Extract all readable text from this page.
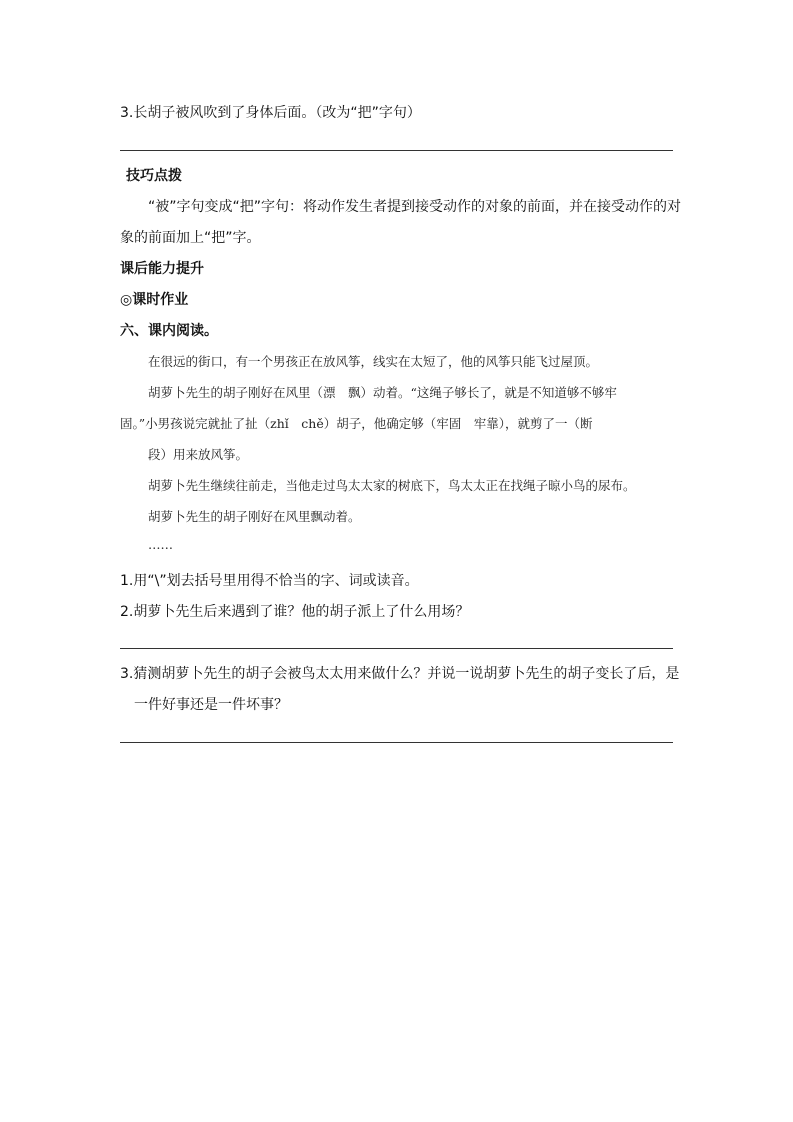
3.长胡子被风吹到了身体后面。（改为“把”字句）
技巧点拨
“被”字句变成“把”字句：将动作发生者提到接受动作的对象的前面，并在接受动作的对
象的前面加上“把”字。
课后能力提升
◎课时作业
六、课内阅读。
在很远的街口，有一个男孩正在放风筝，线实在太短了，他的风筝只能飞过屋顶。
胡萝卜先生的胡子刚好在风里（漂　飘）动着。“这绳子够长了，就是不知道够不够牢
固。”小男孩说完就扯了扯（zhǐ　chě）胡子，他确定够（牢固　牢靠），就剪了一（断
段）用来放风筝。
胡萝卜先生继续往前走，当他走过鸟太太家的树底下，鸟太太正在找绳子晾小鸟的尿布。
胡萝卜先生的胡子刚好在风里飘动着。
……
1.用“\”划去括号里用得不恰当的字、词或读音。
2.胡萝卜先生后来遇到了谁？他的胡子派上了什么用场？
3.猜测胡萝卜先生的胡子会被鸟太太用来做什么？并说一说胡萝卜先生的胡子变长了后，是
一件好事还是一件坏事？
